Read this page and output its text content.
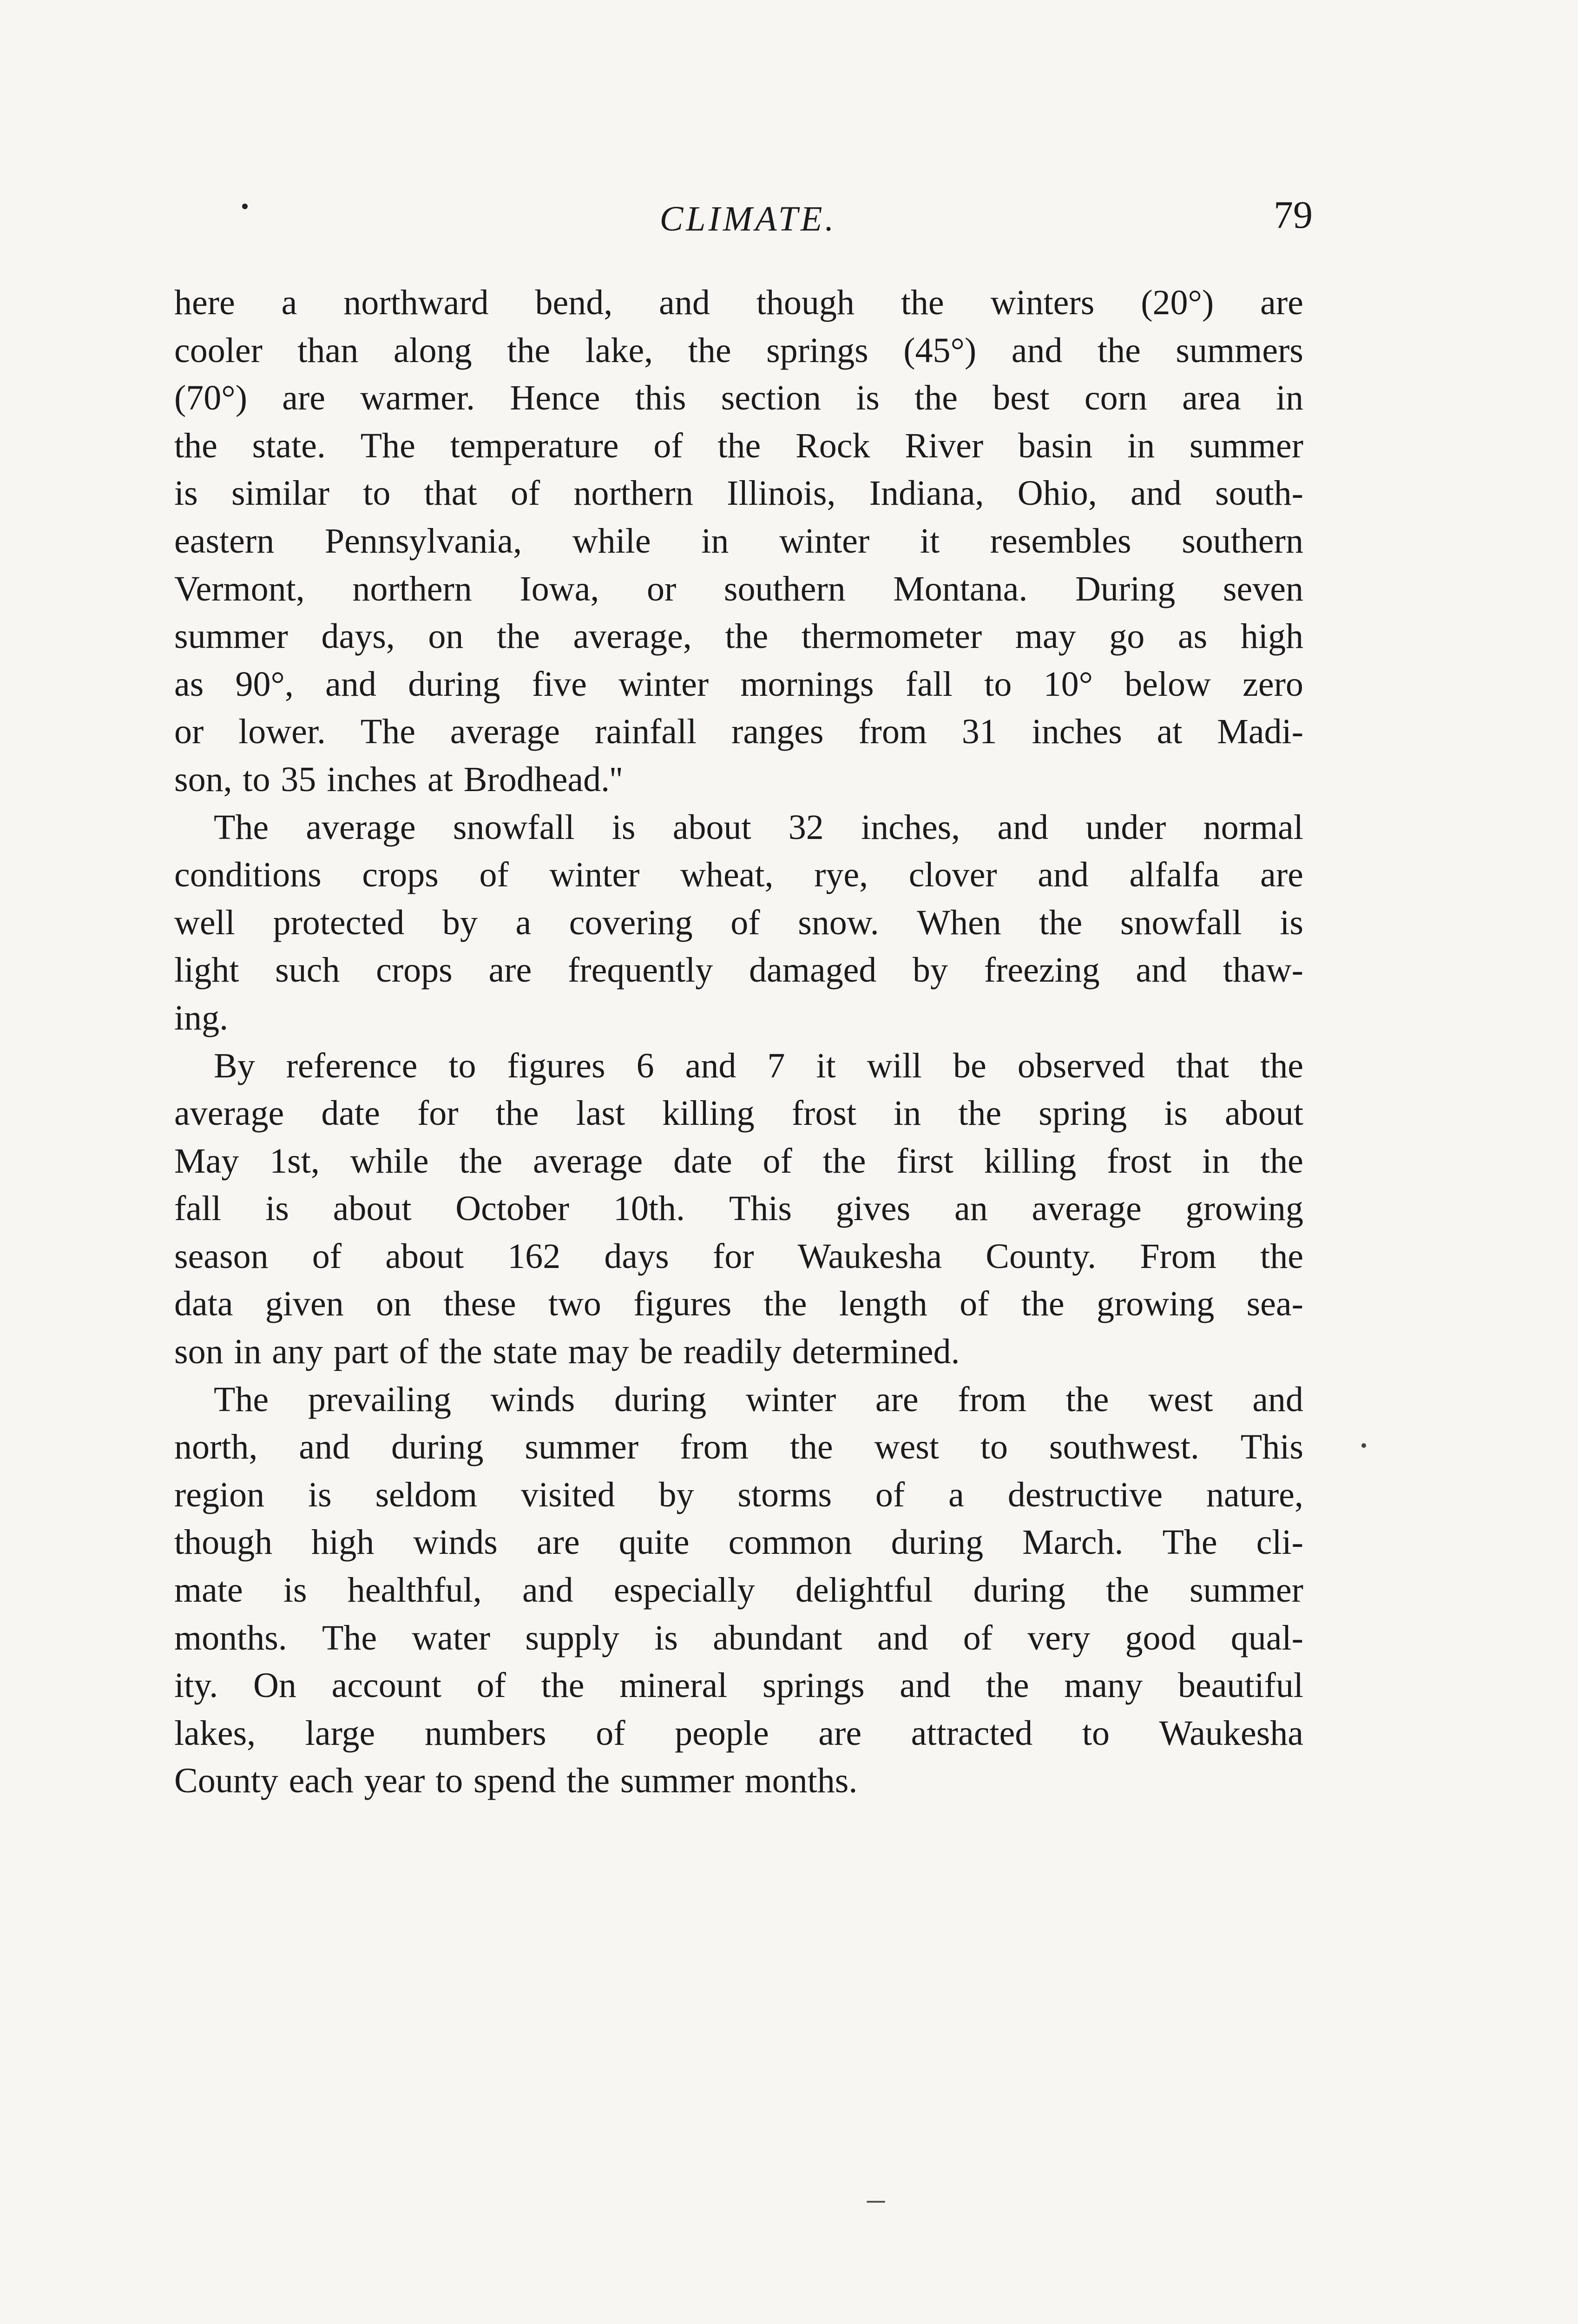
CLIMATE.	79
here a northward bend, and though the winters (20°) are
cooler than along the lake, the springs (45°) and the summers
(70°) are warmer. Hence this section is the best corn area in
the state. The temperature of the Rock River basin in summer
is similar to that of northern Illinois, Indiana, Ohio, and south-
eastern Pennsylvania, while in winter it resembles southern
Vermont, northern Iowa, or southern Montana. During seven
summer days, on the average, the thermometer may go as high
as 90°, and during five winter mornings fall to 10° below zero
or lower. The average rainfall ranges from 31 inches at Madi-
son, to 35 inches at Brodhead.''
The average snowfall is about 32 inches, and under normal
conditions crops of winter wheat, rye, clover and alfalfa are
well protected by a covering of snow. When the snowfall is
light such crops are frequently damaged by freezing and thaw-
ing.
By reference to figures 6 and 7 it will be observed that the
average date for the last killing frost in the spring is about
May 1st, while the average date of the first killing frost in the
fall is about October 10th. This gives an average growing
season of about 162 days for Waukesha County. From the
data given on these two figures the length of the growing sea-
son in any part of the state may be readily determined.
The prevailing winds during winter are from the west and
north, and during summer from the west to southwest. This
region is seldom visited by storms of a destructive nature,
though high winds are quite common during March. The cli-
mate is healthful, and especially delightful during the summer
months. The water supply is abundant and of very good qual-
ity. On account of the mineral springs and the many beautiful
lakes, large numbers of people are attracted to Waukesha
County each year to spend the summer months.
